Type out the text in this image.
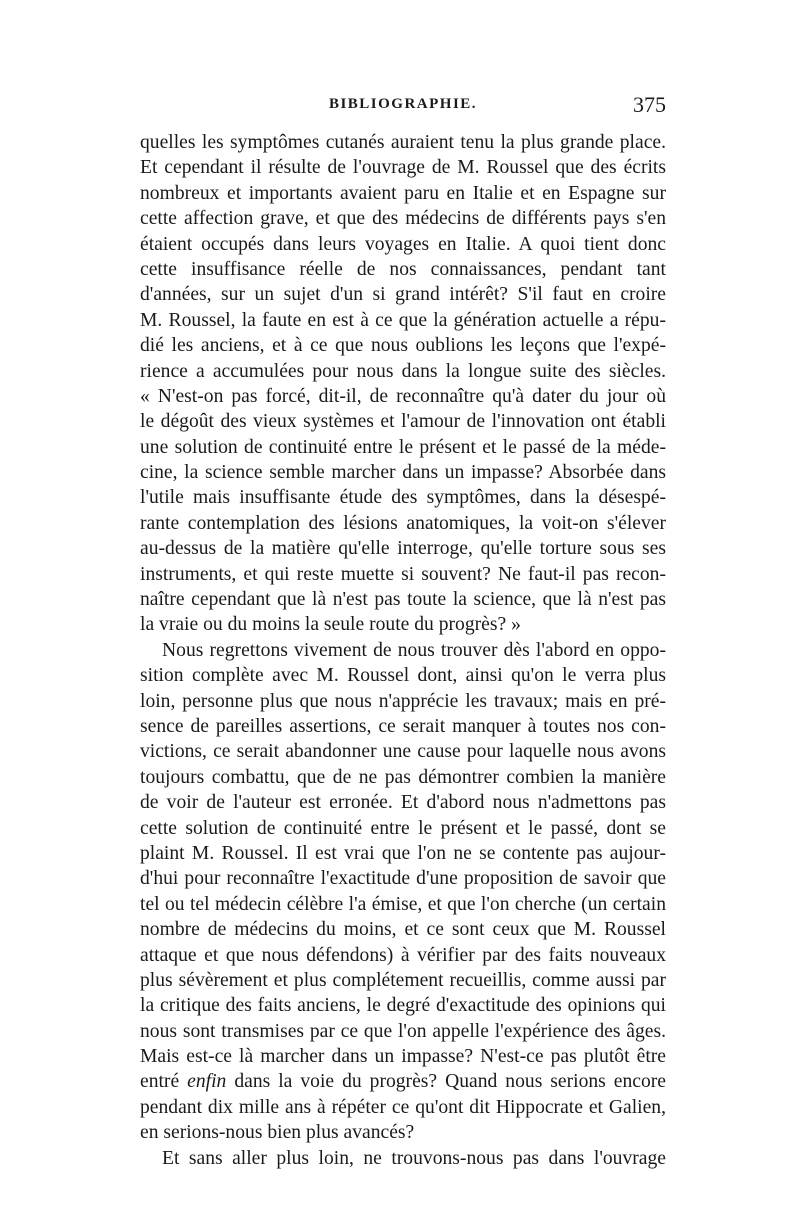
BIBLIOGRAPHIE.	375
quelles les symptômes cutanés auraient tenu la plus grande place.
Et cependant il résulte de l'ouvrage de M. Roussel que des écrits
nombreux et importants avaient paru en Italie et en Espagne sur
cette affection grave, et que des médecins de différents pays s'en
étaient occupés dans leurs voyages en Italie. A quoi tient donc
cette insuffisance réelle de nos connaissances, pendant tant
d'années, sur un sujet d'un si grand intérêt? S'il faut en croire
M. Roussel, la faute en est à ce que la génération actuelle a répu-
dié les anciens, et à ce que nous oublions les leçons que l'expé-
rience a accumulées pour nous dans la longue suite des siècles.
« N'est-on pas forcé, dit-il, de reconnaître qu'à dater du jour où
le dégoût des vieux systèmes et l'amour de l'innovation ont établi
une solution de continuité entre le présent et le passé de la méde-
cine, la science semble marcher dans un impasse? Absorbée dans
l'utile mais insuffisante étude des symptômes, dans la désespé-
rante contemplation des lésions anatomiques, la voit-on s'élever
au-dessus de la matière qu'elle interroge, qu'elle torture sous ses
instruments, et qui reste muette si souvent? Ne faut-il pas recon-
naître cependant que là n'est pas toute la science, que là n'est pas
la vraie ou du moins la seule route du progrès? »
Nous regrettons vivement de nous trouver dès l'abord en oppo-
sition complète avec M. Roussel dont, ainsi qu'on le verra plus
loin, personne plus que nous n'apprécie les travaux; mais en pré-
sence de pareilles assertions, ce serait manquer à toutes nos con-
victions, ce serait abandonner une cause pour laquelle nous avons
toujours combattu, que de ne pas démontrer combien la manière
de voir de l'auteur est erronée. Et d'abord nous n'admettons pas
cette solution de continuité entre le présent et le passé, dont se
plaint M. Roussel. Il est vrai que l'on ne se contente pas aujour-
d'hui pour reconnaître l'exactitude d'une proposition de savoir que
tel ou tel médecin célèbre l'a émise, et que l'on cherche (un certain
nombre de médecins du moins, et ce sont ceux que M. Roussel
attaque et que nous défendons) à vérifier par des faits nouveaux
plus sévèrement et plus complétement recueillis, comme aussi par
la critique des faits anciens, le degré d'exactitude des opinions qui
nous sont transmises par ce que l'on appelle l'expérience des âges.
Mais est-ce là marcher dans un impasse? N'est-ce pas plutôt être
entré enfin dans la voie du progrès? Quand nous serions encore
pendant dix mille ans à répéter ce qu'ont dit Hippocrate et Galien,
en serions-nous bien plus avancés?
Et sans aller plus loin, ne trouvons-nous pas dans l'ouvrage
